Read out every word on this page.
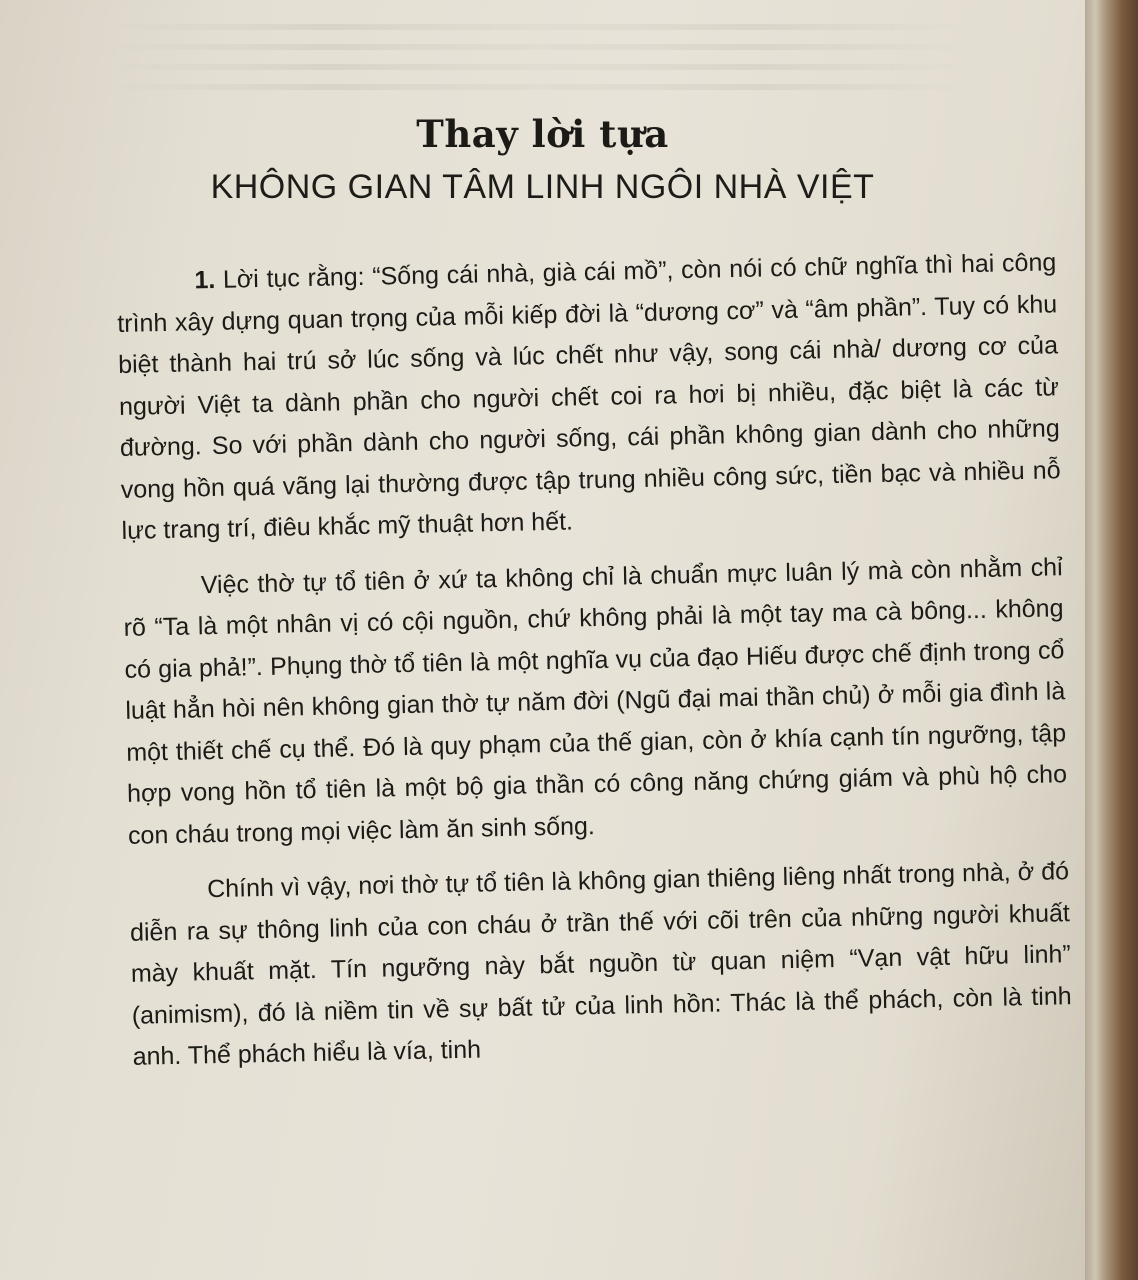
Thay lời tựa
KHÔNG GIAN TÂM LINH NGÔI NHÀ VIỆT

1. Lời tục rằng: “Sống cái nhà, già cái mồ”, còn nói có chữ nghĩa thì hai công trình xây dựng quan trọng của mỗi kiếp đời là “dương cơ” và “âm phần”. Tuy có khu biệt thành hai trú sở lúc sống và lúc chết như vậy, song cái nhà/ dương cơ của người Việt ta dành phần cho người chết coi ra hơi bị nhiều, đặc biệt là các từ đường. So với phần dành cho người sống, cái phần không gian dành cho những vong hồn quá vãng lại thường được tập trung nhiều công sức, tiền bạc và nhiều nỗ lực trang trí, điêu khắc mỹ thuật hơn hết.

Việc thờ tự tổ tiên ở xứ ta không chỉ là chuẩn mực luân lý mà còn nhằm chỉ rõ “Ta là một nhân vị có cội nguồn, chứ không phải là một tay ma cà bông... không có gia phả!”. Phụng thờ tổ tiên là một nghĩa vụ của đạo Hiếu được chế định trong cổ luật hẳn hòi nên không gian thờ tự năm đời (Ngũ đại mai thần chủ) ở mỗi gia đình là một thiết chế cụ thể. Đó là quy phạm của thế gian, còn ở khía cạnh tín ngưỡng, tập hợp vong hồn tổ tiên là một bộ gia thần có công năng chứng giám và phù hộ cho con cháu trong mọi việc làm ăn sinh sống.

Chính vì vậy, nơi thờ tự tổ tiên là không gian thiêng liêng nhất trong nhà, ở đó diễn ra sự thông linh của con cháu ở trần thế với cõi trên của những người khuất mày khuất mặt. Tín ngưỡng này bắt nguồn từ quan niệm “Vạn vật hữu linh” (animism), đó là niềm tin về sự bất tử của linh hồn: Thác là thể phách, còn là tinh anh. Thể phách hiểu là vía, tinh
